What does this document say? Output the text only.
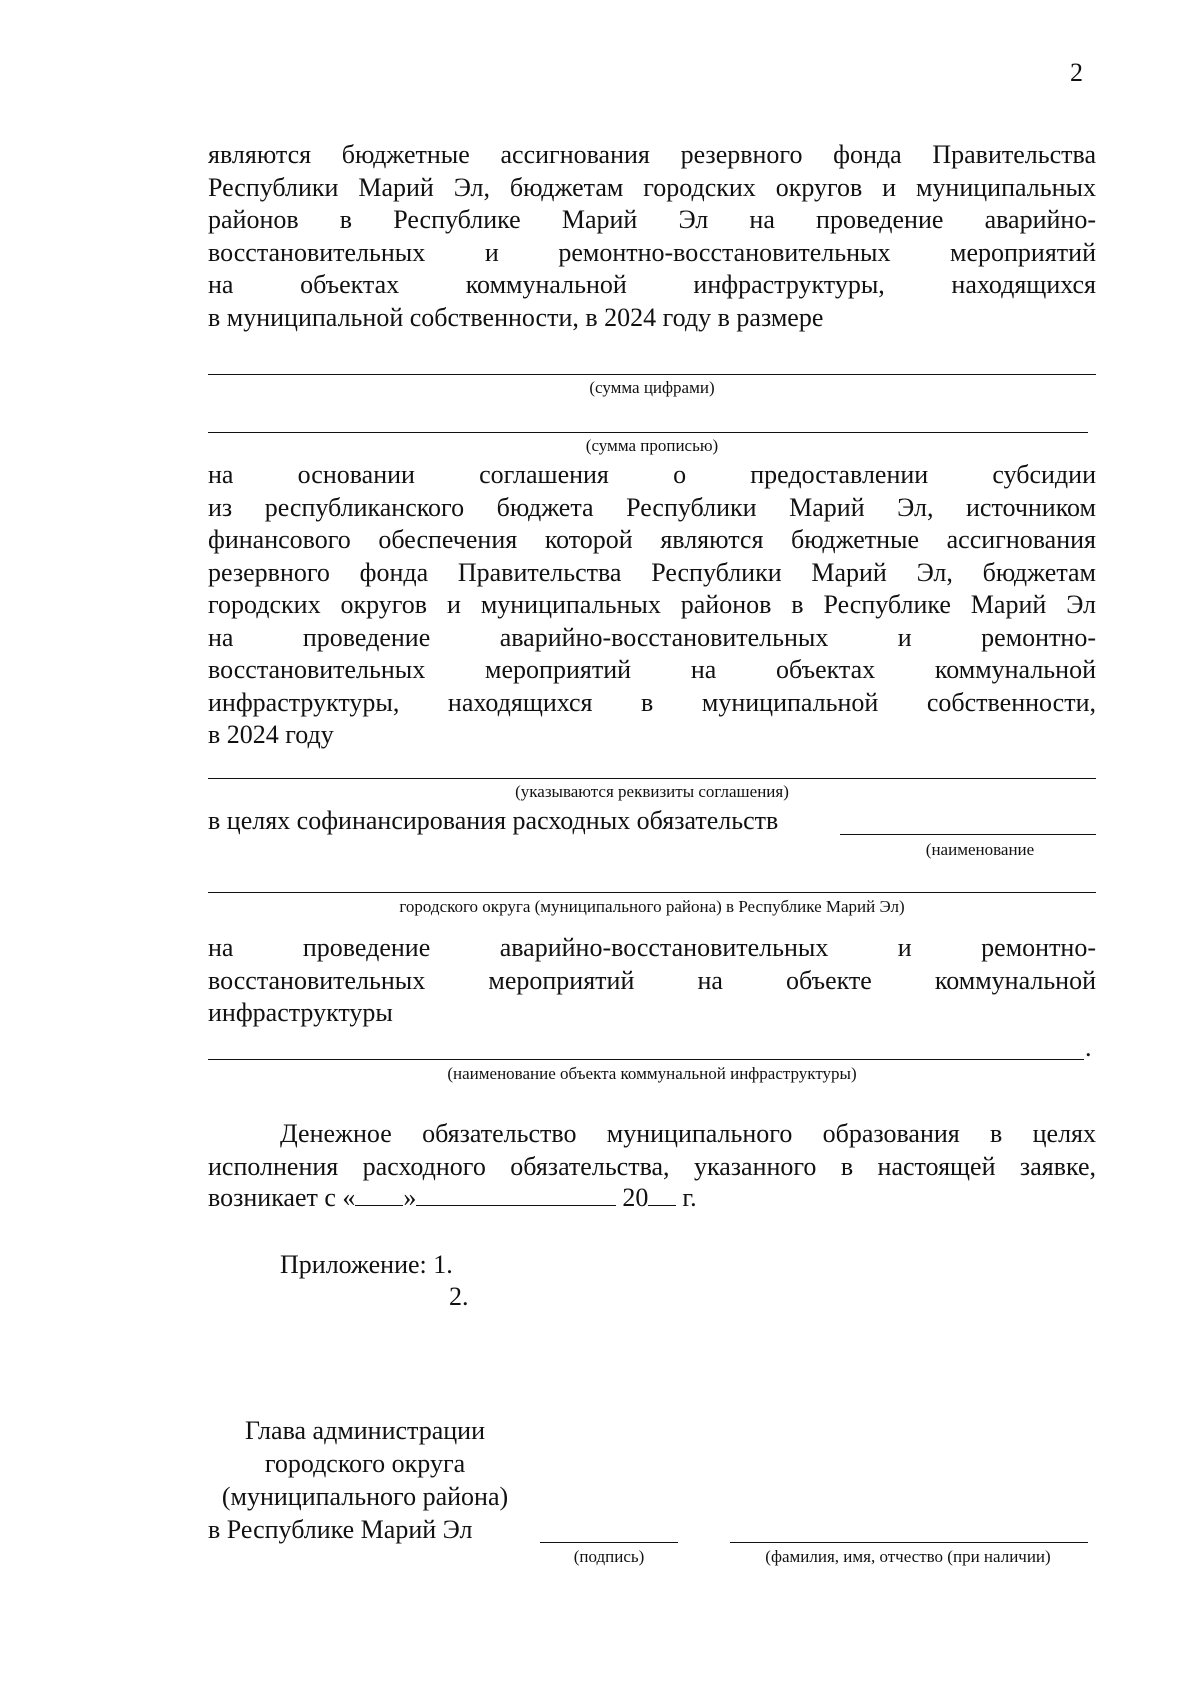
2
являются бюджетные ассигнования резервного фонда Правительства
Республики Марий Эл, бюджетам городских округов и муниципальных
районов в Республике Марий Эл на проведение аварийно-
восстановительных и ремонтно-восстановительных мероприятий
на объектах коммунальной инфраструктуры, находящихся
в муниципальной собственности, в 2024 году в размере
(сумма цифрами)
(сумма прописью)
на основании соглашения о предоставлении субсидии
из республиканского бюджета Республики Марий Эл, источником
финансового обеспечения которой являются бюджетные ассигнования
резервного фонда Правительства Республики Марий Эл, бюджетам
городских округов и муниципальных районов в Республике Марий Эл
на проведение аварийно-восстановительных и ремонтно-
восстановительных мероприятий на объектах коммунальной
инфраструктуры, находящихся в муниципальной собственности,
в 2024 году
(указываются реквизиты соглашения)
в целях софинансирования расходных обязательств
(наименование
городского округа (муниципального района) в Республике Марий Эл)
на проведение аварийно-восстановительных и ремонтно-
восстановительных мероприятий на объекте коммунальной
инфраструктуры
.
(наименование объекта коммунальной инфраструктуры)
Денежное обязательство муниципального образования в целях
исполнения расходного обязательства, указанного в настоящей заявке,
возникает с « »	20 г.
Приложение: 1.
2.
Глава администрации
городского округа
(муниципального района)
в Республике Марий Эл
(подпись)	(фамилия, имя, отчество (при наличии)
